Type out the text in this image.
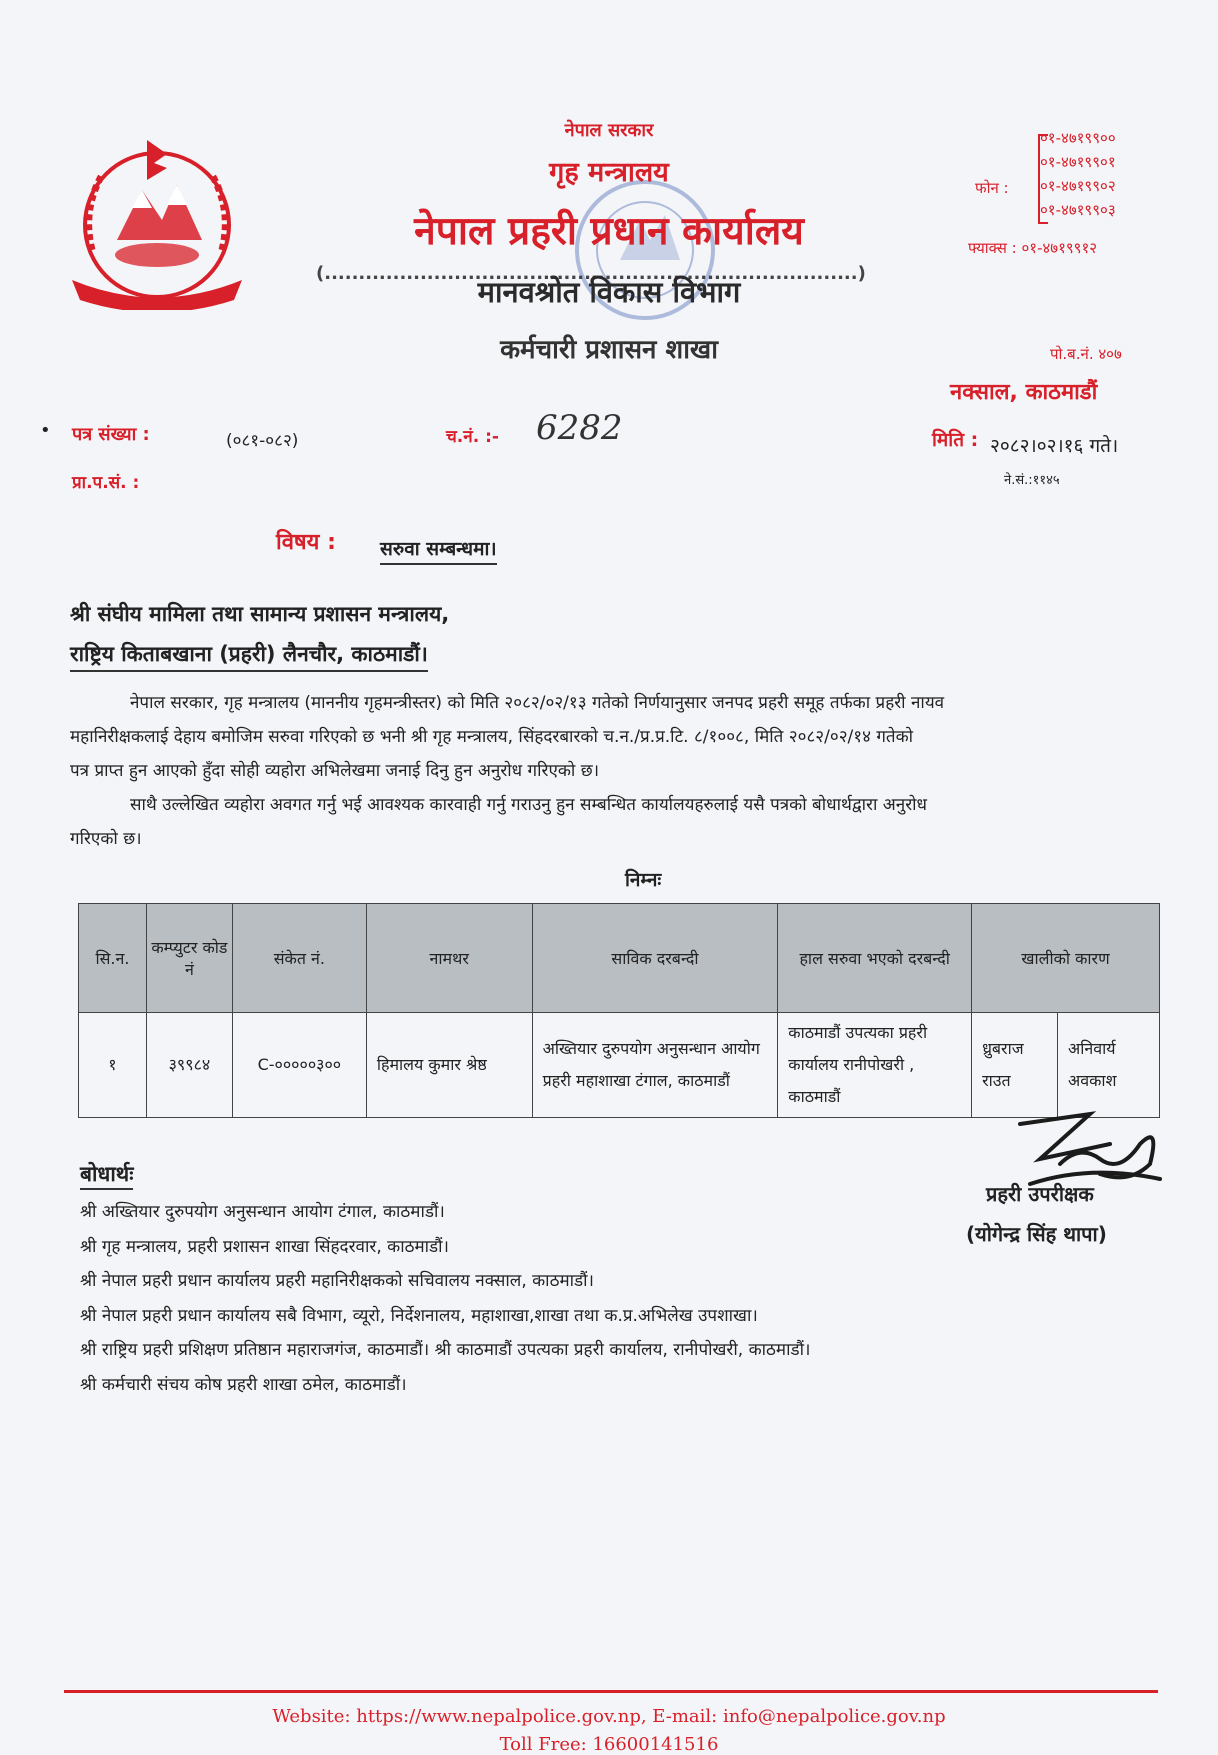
नेपाल सरकार
गृह मन्त्रालय
नेपाल प्रहरी प्रधान कार्यालय
(..............................................................................)
मानवश्रोत विकास विभाग
कर्मचारी प्रशासन शाखा
फोन :
०१-४७१९९००
०१-४७१९९०१
०१-४७१९९०२
०१-४७१९९०३
फ्याक्स : ०१-४७१९९१२
पो.ब.नं. ४०७
नक्साल, काठमाडौं
• पत्र संख्या :	(०८१-०८२)	च.नं. :- 6282	मिति : २०८२।०२।१६ गते।
प्रा.प.सं. :	ने.सं.:११४५
विषय : सरुवा सम्बन्धमा।
श्री संघीय मामिला तथा सामान्य प्रशासन मन्त्रालय,
राष्ट्रिय किताबखाना (प्रहरी) लैनचौर, काठमाडौं।
नेपाल सरकार, गृह मन्त्रालय (माननीय गृहमन्त्रीस्तर) को मिति २०८२/०२/१३ गतेको निर्णयानुसार जनपद प्रहरी समूह तर्फका प्रहरी नायव
महानिरीक्षकलाई देहाय बमोजिम सरुवा गरिएको छ भनी श्री गृह मन्त्रालय, सिंहदरबारको च.न./प्र.प्र.टि. ८/१००८, मिति २०८२/०२/१४ गतेको
पत्र प्राप्त हुन आएको हुँदा सोही व्यहोरा अभिलेखमा जनाई दिनु हुन अनुरोध गरिएको छ।
साथै उल्लेखित व्यहोरा अवगत गर्नु भई आवश्यक कारवाही गर्नु गराउनु हुन सम्बन्धित कार्यालयहरुलाई यसै पत्रको बोधार्थद्वारा अनुरोध
गरिएको छ।
निम्नः
सि.न.	कम्प्युटर कोड नं	संकेत नं.	नामथर	साविक दरबन्दी	हाल सरुवा भएको दरबन्दी	खालीको कारण	
१	३९९८४	C-०००००३००	हिमालय कुमार श्रेष्ठ	अख्तियार दुरुपयोग अनुसन्धान आयोग प्रहरी महाशाखा टंगाल, काठमाडौं	काठमाडौं उपत्यका प्रहरी कार्यालय रानीपोखरी , काठमाडौं	ध्रुबराज राउत	अनिवार्य अवकाश
प्रहरी उपरीक्षक
(योगेन्द्र सिंह थापा)
बोधार्थः
श्री अख्तियार दुरुपयोग अनुसन्धान आयोग टंगाल, काठमाडौं।
श्री गृह मन्त्रालय, प्रहरी प्रशासन शाखा सिंहदरवार, काठमाडौं।
श्री नेपाल प्रहरी प्रधान कार्यालय प्रहरी महानिरीक्षकको सचिवालय नक्साल, काठमाडौं।
श्री नेपाल प्रहरी प्रधान कार्यालय सबै विभाग, व्यूरो, निर्देशनालय, महाशाखा,शाखा तथा क.प्र.अभिलेख उपशाखा।
श्री राष्ट्रिय प्रहरी प्रशिक्षण प्रतिष्ठान महाराजगंज, काठमाडौं। श्री काठमाडौं उपत्यका प्रहरी कार्यालय, रानीपोखरी, काठमाडौं।
श्री कर्मचारी संचय कोष प्रहरी शाखा ठमेल, काठमाडौं।
Website: https://www.nepalpolice.gov.np, E-mail: info@nepalpolice.gov.np
Toll Free: 16600141516
